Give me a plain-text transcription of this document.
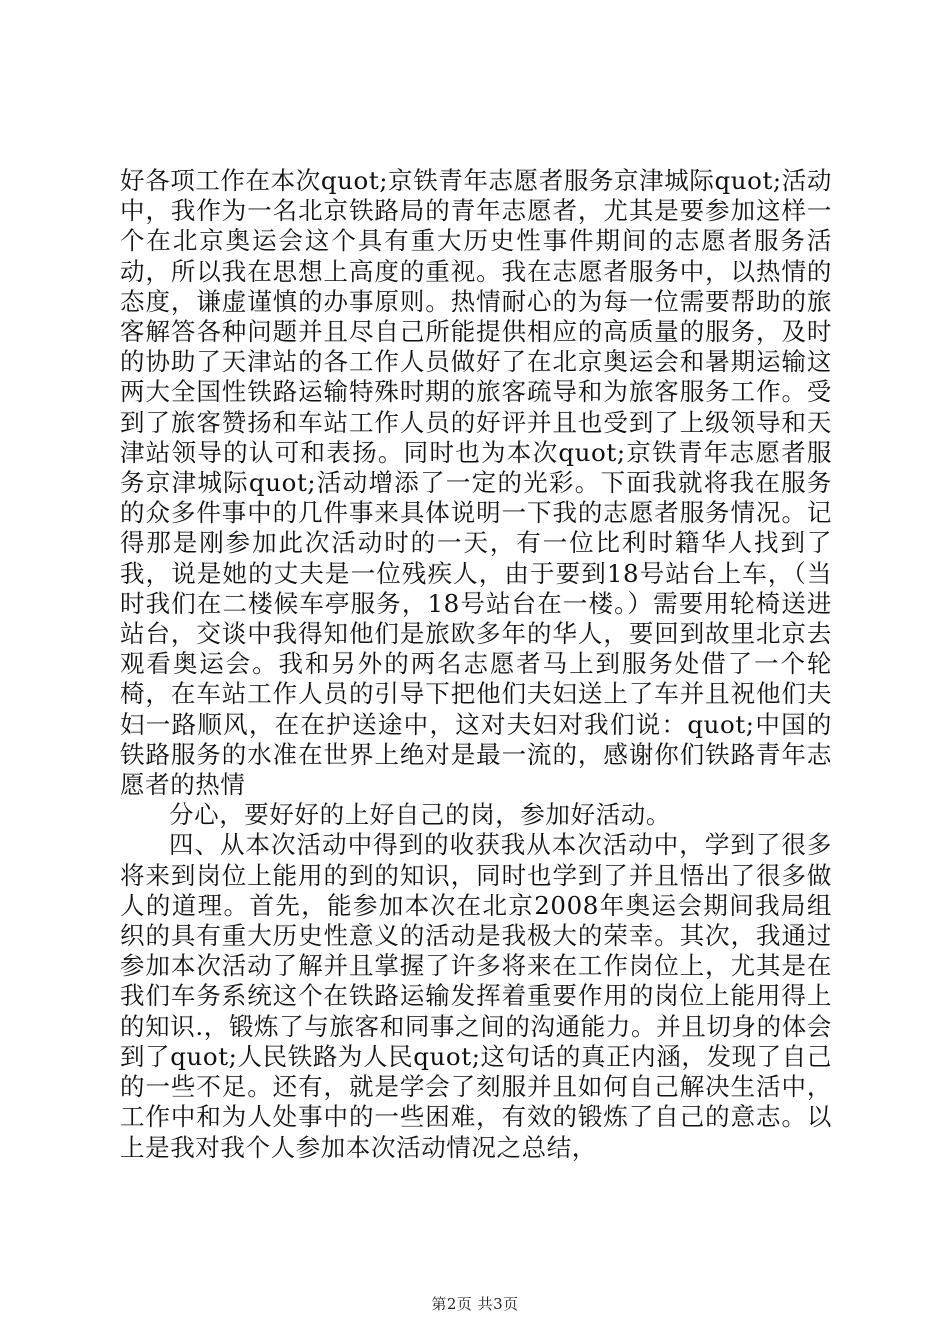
好各项工作在本次quot;京铁青年志愿者服务京津城际quot;活动中，我作为一名北京铁路局的青年志愿者，尤其是要参加这样一个在北京奥运会这个具有重大历史性事件期间的志愿者服务活动，所以我在思想上高度的重视。我在志愿者服务中，以热情的态度，谦虚谨慎的办事原则。热情耐心的为每一位需要帮助的旅客解答各种问题并且尽自己所能提供相应的高质量的服务，及时的协助了天津站的各工作人员做好了在北京奥运会和暑期运输这两大全国性铁路运输特殊时期的旅客疏导和为旅客服务工作。受到了旅客赞扬和车站工作人员的好评并且也受到了上级领导和天津站领导的认可和表扬。同时也为本次quot;京铁青年志愿者服务京津城际quot;活动增添了一定的光彩。下面我就将我在服务的众多件事中的几件事来具体说明一下我的志愿者服务情况。记得那是刚参加此次活动时的一天，有一位比利时籍华人找到了我，说是她的丈夫是一位残疾人，由于要到18号站台上车，（当时我们在二楼候车亭服务，18号站台在一楼。）需要用轮椅送进站台，交谈中我得知他们是旅欧多年的华人，要回到故里北京去观看奥运会。我和另外的两名志愿者马上到服务处借了一个轮椅，在车站工作人员的引导下把他们夫妇送上了车并且祝他们夫妇一路顺风，在在护送途中，这对夫妇对我们说：quot;中国的铁路服务的水准在世界上绝对是最一流的，感谢你们铁路青年志愿者的热情

分心，要好好的上好自己的岗，参加好活动。

四、从本次活动中得到的收获我从本次活动中，学到了很多将来到岗位上能用的到的知识，同时也学到了并且悟出了很多做人的道理。首先，能参加本次在北京2008年奥运会期间我局组织的具有重大历史性意义的活动是我极大的荣幸。其次，我通过参加本次活动了解并且掌握了许多将来在工作岗位上，尤其是在我们车务系统这个在铁路运输发挥着重要作用的岗位上能用得上的知识.，锻炼了与旅客和同事之间的沟通能力。并且切身的体会到了quot;人民铁路为人民quot;这句话的真正内涵，发现了自己的一些不足。还有，就是学会了刻服并且如何自己解决生活中，工作中和为人处事中的一些困难，有效的锻炼了自己的意志。以上是我对我个人参加本次活动情况之总结，

第2页 共3页
